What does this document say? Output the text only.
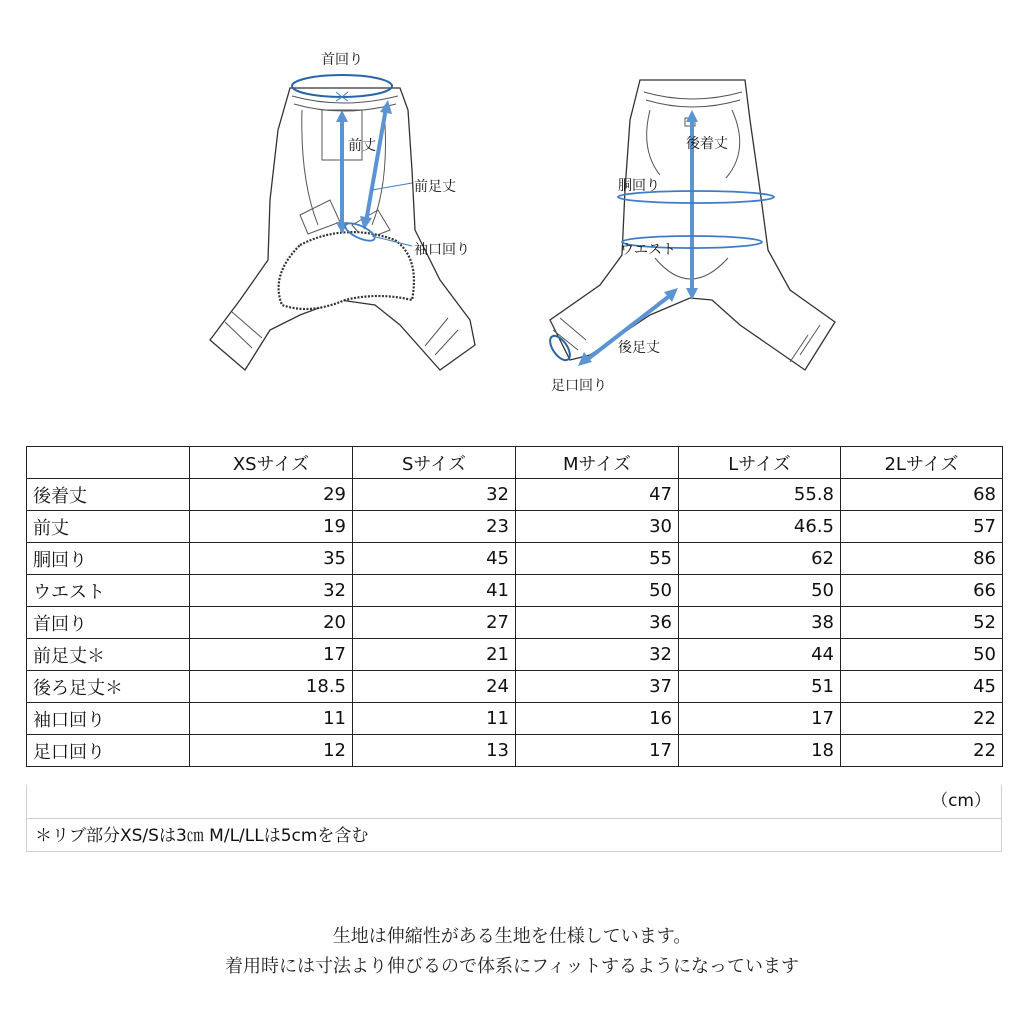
首回り
前丈
前足丈
袖口回り
後着丈
胴回り
ウエスト
後足丈
足口回り
	XSサイズ	Sサイズ	Mサイズ	Lサイズ	2Lサイズ
後着丈	29	32	47	55.8	68
前丈	19	23	30	46.5	57
胴回り	35	45	55	62	86
ウエスト	32	41	50	50	66
首回り	20	27	36	38	52
前足丈＊	17	21	32	44	50
後ろ足丈＊	18.5	24	37	51	45
袖口回り	11	11	16	17	22
足口回り	12	13	17	18	22
（cm）
＊リブ部分XS/Sは3㎝ M/L/LLは5cmを含む
生地は伸縮性がある生地を仕様しています。
着用時には寸法より伸びるので体系にフィットするようになっています
